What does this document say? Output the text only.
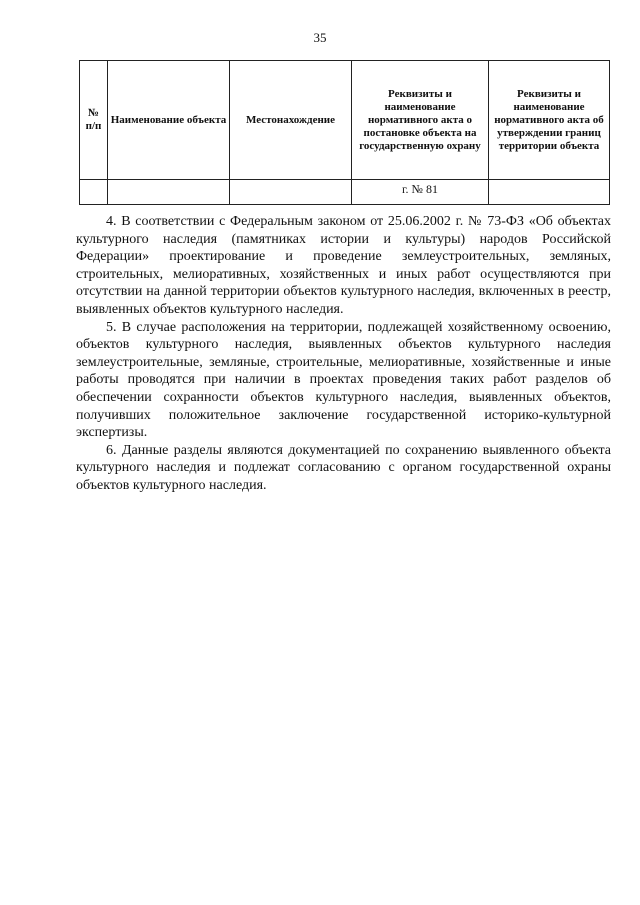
35
№ п/п	Наименование объекта	Местонахождение	Реквизиты и наименование нормативного акта о постановке объекта на государственную охрану	Реквизиты и наименование нормативного акта об утверждении границ территории объекта
			г. № 81	

4. В соответствии с Федеральным законом от 25.06.2002 г. № 73-ФЗ «Об объектах культурного наследия (памятниках истории и культуры) народов Российской Федерации» проектирование и проведение землеустроительных, земляных, строительных, мелиоративных, хозяйственных и иных работ осуществляются при отсутствии на данной территории объектов культурного наследия, включенных в реестр, выявленных объектов культурного наследия.

5. В случае расположения на территории, подлежащей хозяйственному освоению, объектов культурного наследия, выявленных объектов культурного наследия землеустроительные, земляные, строительные, мелиоративные, хозяйственные и иные работы проводятся при наличии в проектах проведения таких работ разделов об обеспечении сохранности объектов культурного наследия, выявленных объектов, получивших положительное заключение государственной историко-культурной экспертизы.

6. Данные разделы являются документацией по сохранению выявленного объекта культурного наследия и подлежат согласованию с органом государственной охраны объектов культурного наследия.
